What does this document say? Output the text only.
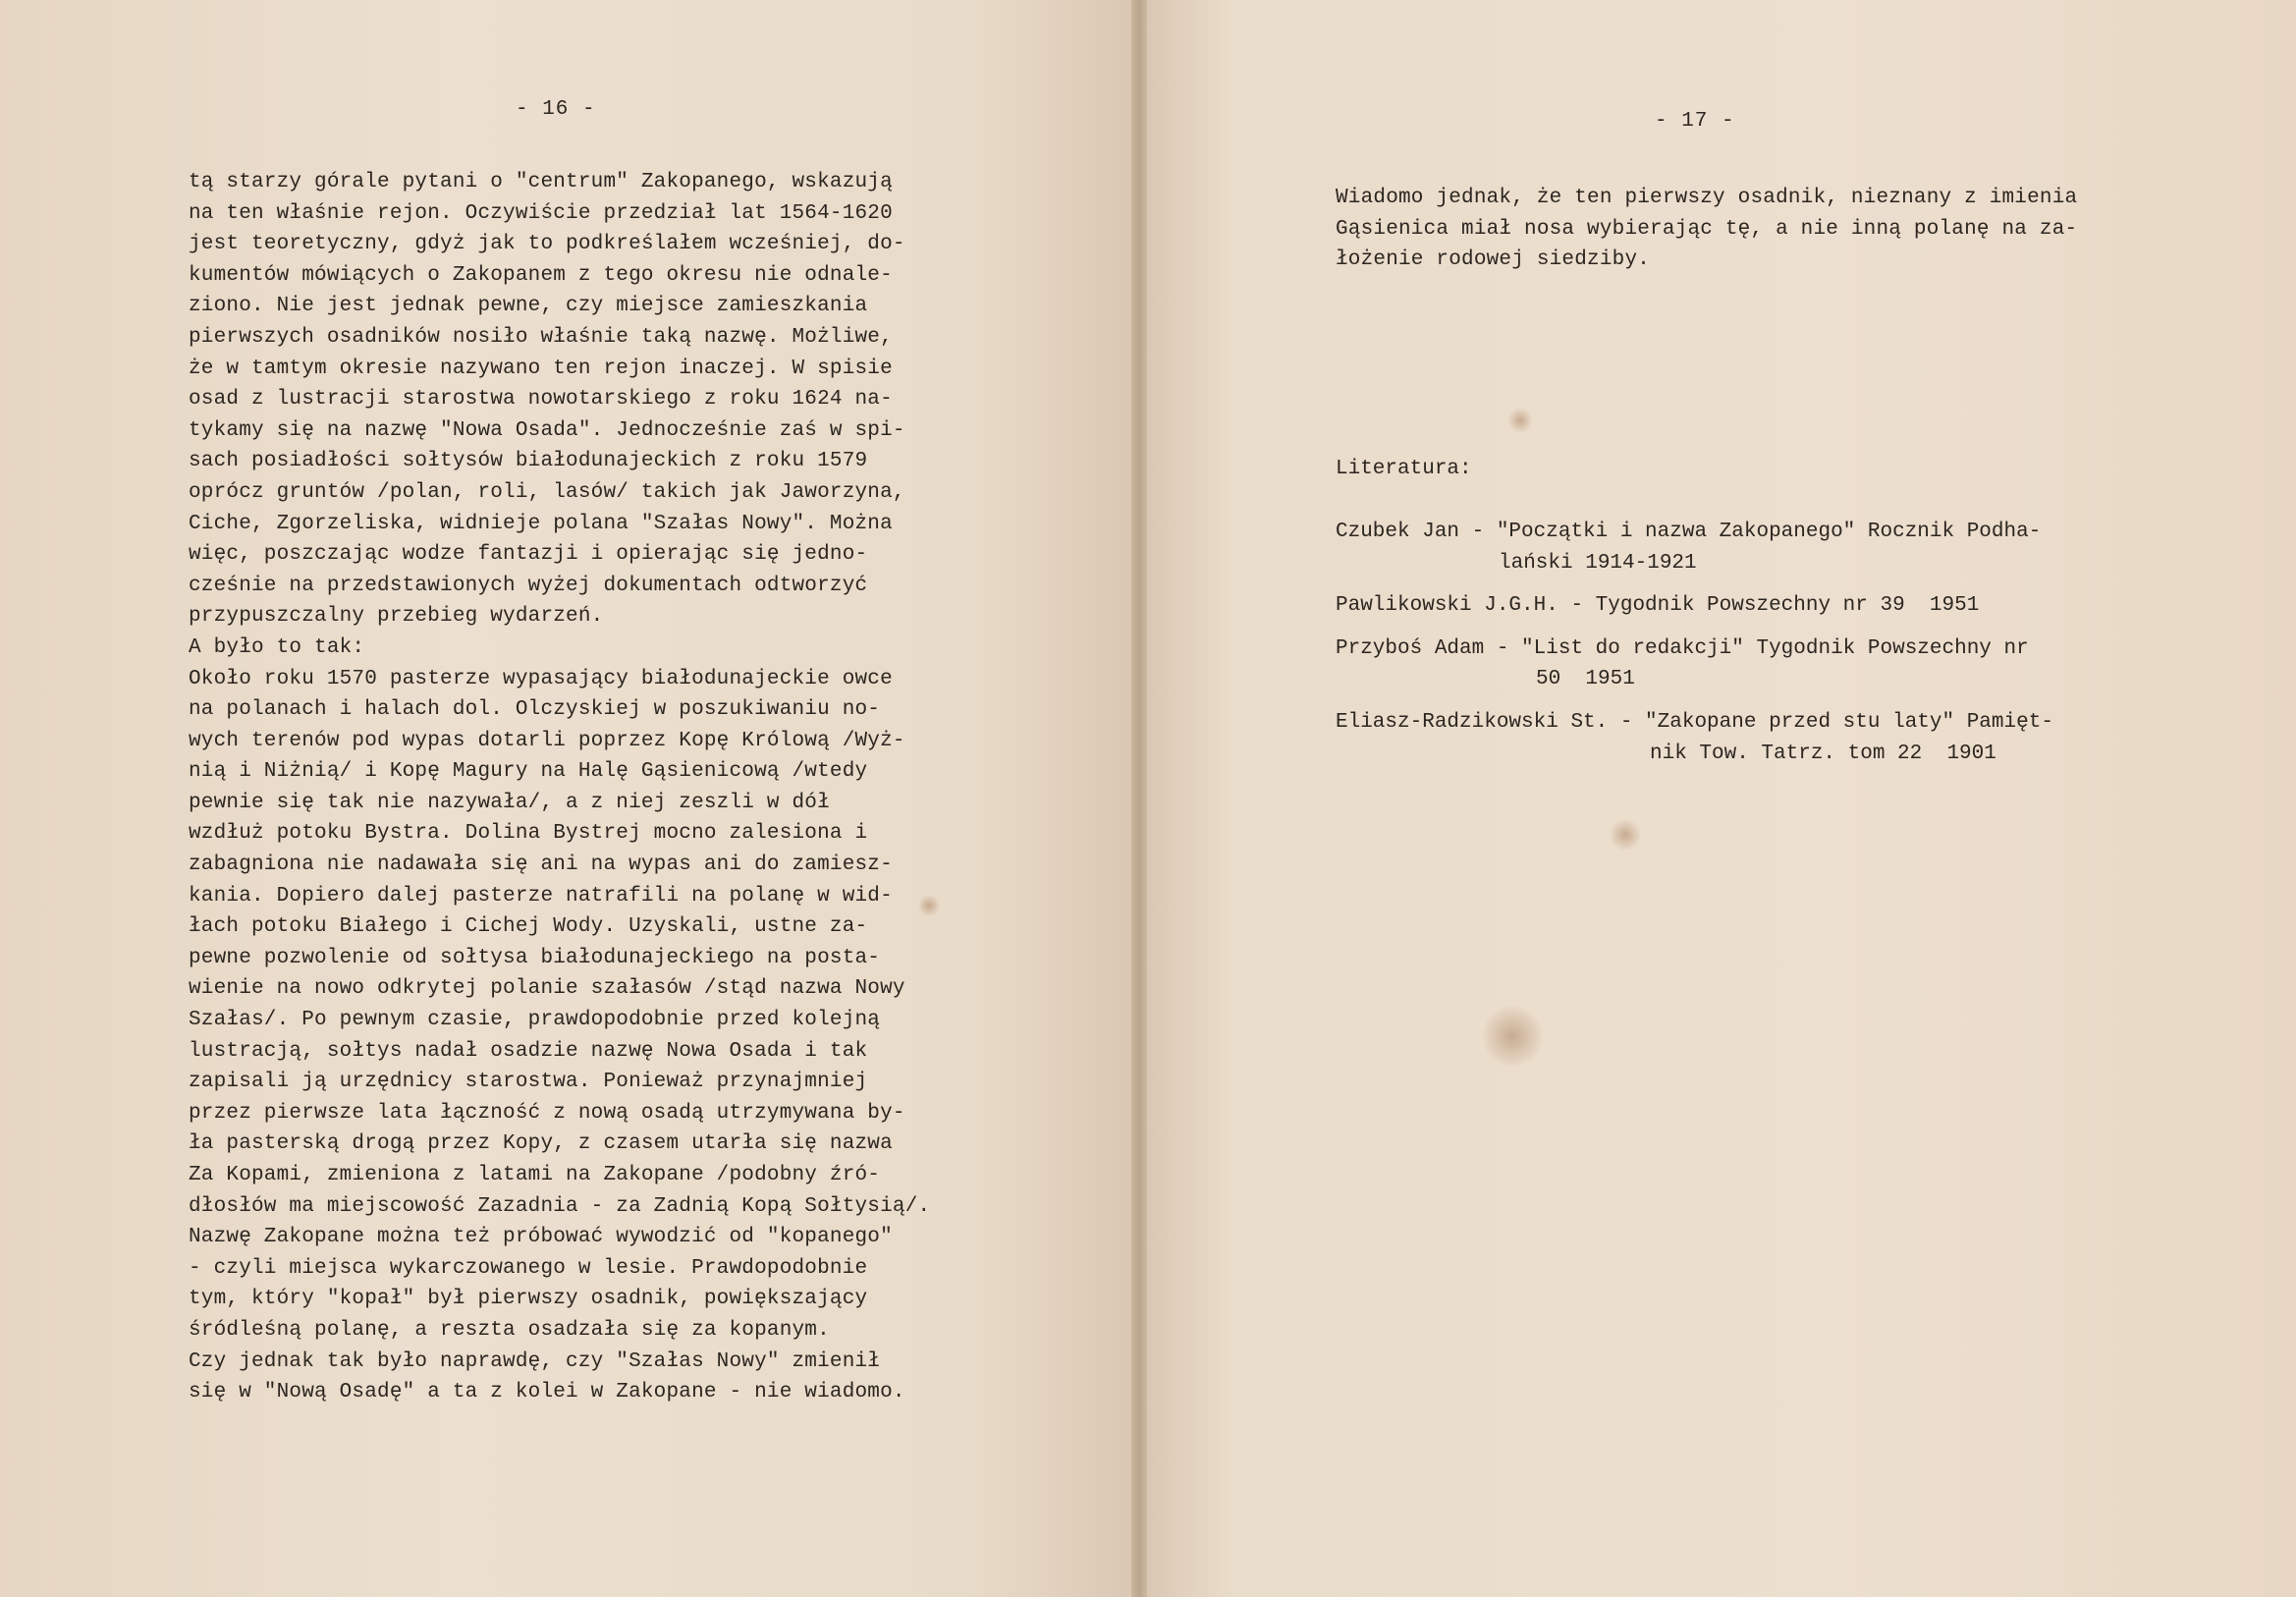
- 16 -
tą starzy górale pytani o "centrum" Zakopanego, wskazują
na ten właśnie rejon. Oczywiście przedział lat 1564-1620
jest teoretyczny, gdyż jak to podkreślałem wcześniej, do-
kumentów mówiących o Zakopanem z tego okresu nie odnale-
ziono. Nie jest jednak pewne, czy miejsce zamieszkania
pierwszych osadników nosiło właśnie taką nazwę. Możliwe,
że w tamtym okresie nazywano ten rejon inaczej. W spisie
osad z lustracji starostwa nowotarskiego z roku 1624 na-
tykamy się na nazwę "Nowa Osada". Jednocześnie zaś w spi-
sach posiadłości sołtysów białodunajeckich z roku 1579
oprócz gruntów /polan, roli, lasów/ takich jak Jaworzyna,
Ciche, Zgorzeliska, widnieje polana "Szałas Nowy". Można
więc, poszczając wodze fantazji i opierając się jedno-
cześnie na przedstawionych wyżej dokumentach odtworzyć
przypuszczalny przebieg wydarzeń.
A było to tak:
Około roku 1570 pasterze wypasający białodunajeckie owce
na polanach i halach dol. Olczyskiej w poszukiwaniu no-
wych terenów pod wypas dotarli poprzez Kopę Królową /Wyż-
nią i Niżnią/ i Kopę Magury na Halę Gąsienicową /wtedy
pewnie się tak nie nazywała/, a z niej zeszli w dół
wzdłuż potoku Bystra. Dolina Bystrej mocno zalesiona i
zabagniona nie nadawała się ani na wypas ani do zamiesz-
kania. Dopiero dalej pasterze natrafili na polanę w wid-
łach potoku Białego i Cichej Wody. Uzyskali, ustne za-
pewne pozwolenie od sołtysa białodunajeckiego na posta-
wienie na nowo odkrytej polanie szałasów /stąd nazwa Nowy
Szałas/. Po pewnym czasie, prawdopodobnie przed kolejną
lustracją, sołtys nadał osadzie nazwę Nowa Osada i tak
zapisali ją urzędnicy starostwa. Ponieważ przynajmniej
przez pierwsze lata łączność z nową osadą utrzymywana by-
ła pasterską drogą przez Kopy, z czasem utarła się nazwa
Za Kopami, zmieniona z latami na Zakopane /podobny źró-
dłosłów ma miejscowość Zazadnia - za Zadnią Kopą Sołtysią/.
Nazwę Zakopane można też próbować wywodzić od "kopanego"
- czyli miejsca wykarczowanego w lesie. Prawdopodobnie
tym, który "kopał" był pierwszy osadnik, powiększający
śródleśną polanę, a reszta osadzała się za kopanym.
Czy jednak tak było naprawdę, czy "Szałas Nowy" zmienił
się w "Nową Osadę" a ta z kolei w Zakopane - nie wiadomo.
- 17 -
Wiadomo jednak, że ten pierwszy osadnik, nieznany z imienia
Gąsienica miał nosa wybierając tę, a nie inną polanę na za-
łożenie rodowej siedziby.
Literatura:
Czubek Jan - "Początki i nazwa Zakopanego" Rocznik Podha-
lański 1914-1921
Pawlikowski J.G.H. - Tygodnik Powszechny nr 39  1951
Przyboś Adam - "List do redakcji" Tygodnik Powszechny nr
50  1951
Eliasz-Radzikowski St. - "Zakopane przed stu laty" Pamięt-
nik Tow. Tatrz. tom 22  1901
